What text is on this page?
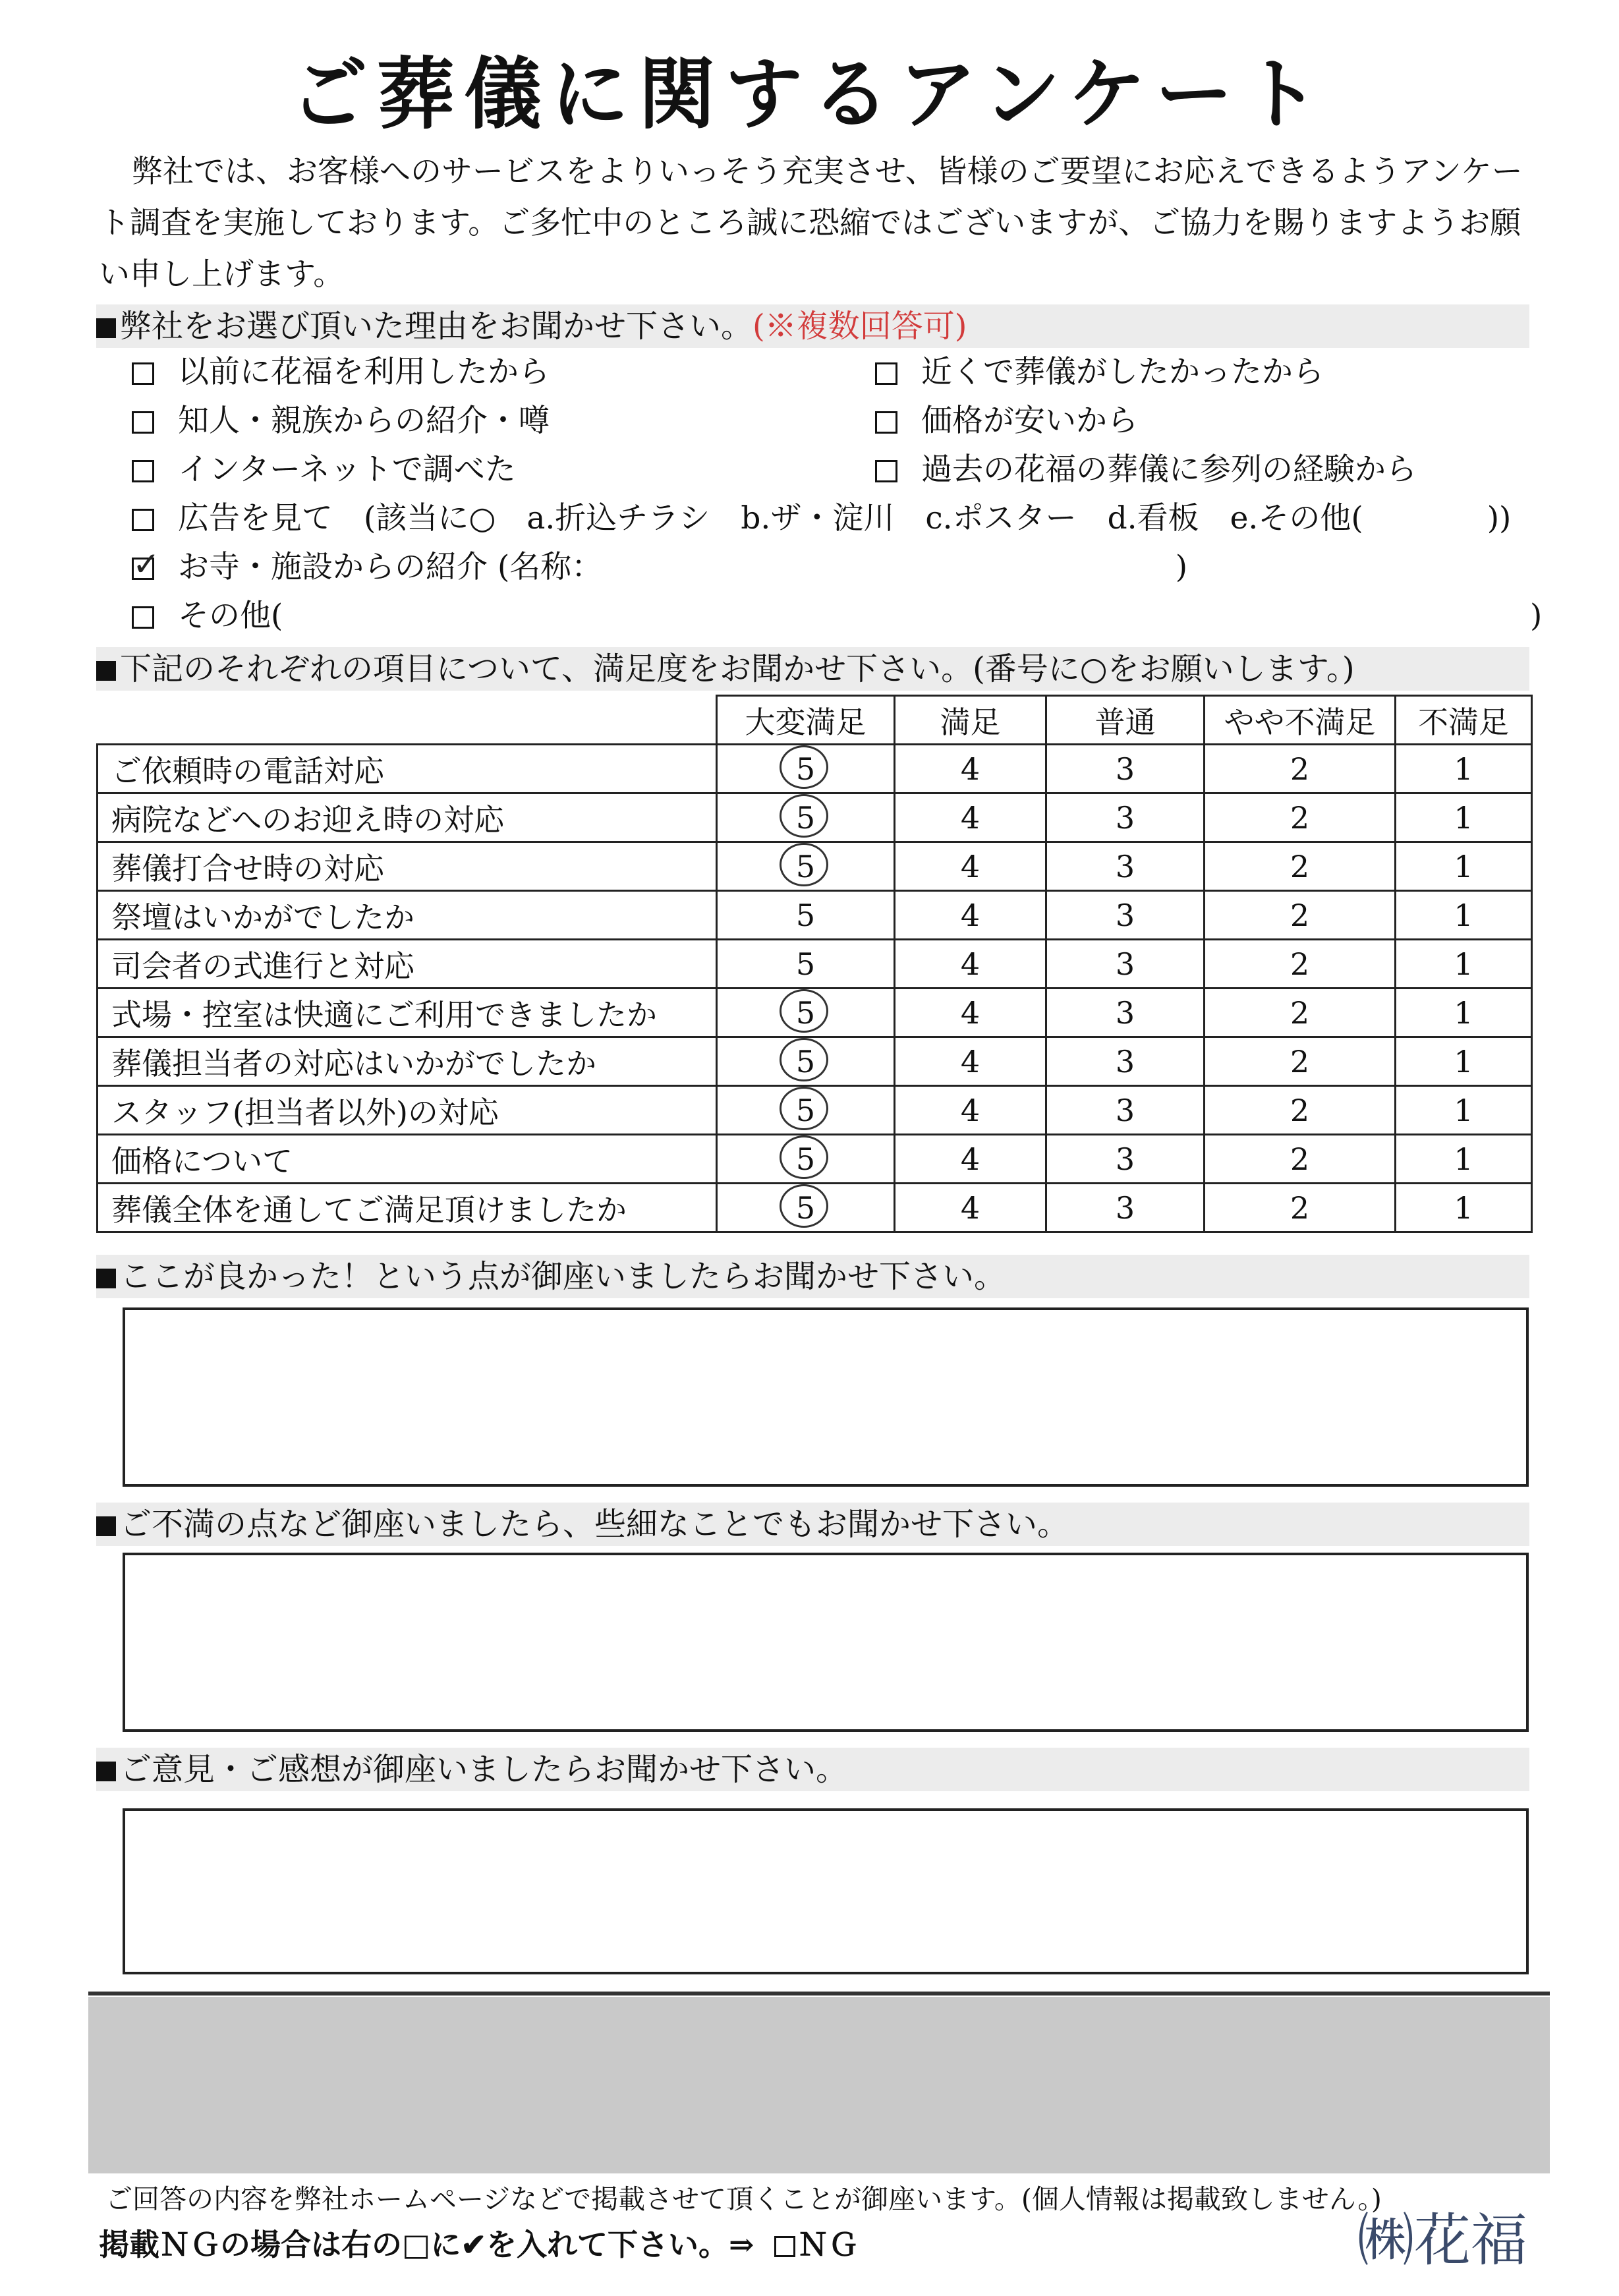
ご葬儀に関するアンケート
弊社では、お客様へのサービスをよりいっそう充実させ、皆様のご要望にお応えできるようアンケート調査を実施しております。ご多忙中のところ誠に恐縮ではございますが、ご協力を賜りますようお願い申し上げます。
弊社をお選び頂いた理由をお聞かせ下さい。(※複数回答可)
以前に花福を利用したから	近くで葬儀がしたかったから
知人・親族からの紹介・噂	価格が安いから
インターネットで調べた	過去の花福の葬儀に参列の経験から
広告を見て　(該当に○　a.折込チラシ　b.ザ・淀川　c.ポスター　d.看板　e.その他(　　　　))
✓ お寺・施設からの紹介 (名称：　　　　　　　　　　　　　　　　　　　)
その他(	)
下記のそれぞれの項目について、満足度をお聞かせ下さい。(番号に○をお願いします。)
	大変満足	満足	普通	やや不満足	不満足
ご依頼時の電話対応	5	4	3	2	1
病院などへのお迎え時の対応	5	4	3	2	1
葬儀打合せ時の対応	5	4	3	2	1
祭壇はいかがでしたか	5	4	3	2	1
司会者の式進行と対応	5	4	3	2	1
式場・控室は快適にご利用できましたか	5	4	3	2	1
葬儀担当者の対応はいかがでしたか	5	4	3	2	1
スタッフ(担当者以外)の対応	5	4	3	2	1
価格について	5	4	3	2	1
葬儀全体を通してご満足頂けましたか	5	4	3	2	1
ここが良かった！という点が御座いましたらお聞かせ下さい。
ご不満の点など御座いましたら、些細なことでもお聞かせ下さい。
ご意見・ご感想が御座いましたらお聞かせ下さい。
ご回答の内容を弊社ホームページなどで掲載させて頂くことが御座います。(個人情報は掲載致しません。)
掲載ＮＧの場合は右の□に✔を入れて下さい。⇒ ＮＧ	㈱花福
